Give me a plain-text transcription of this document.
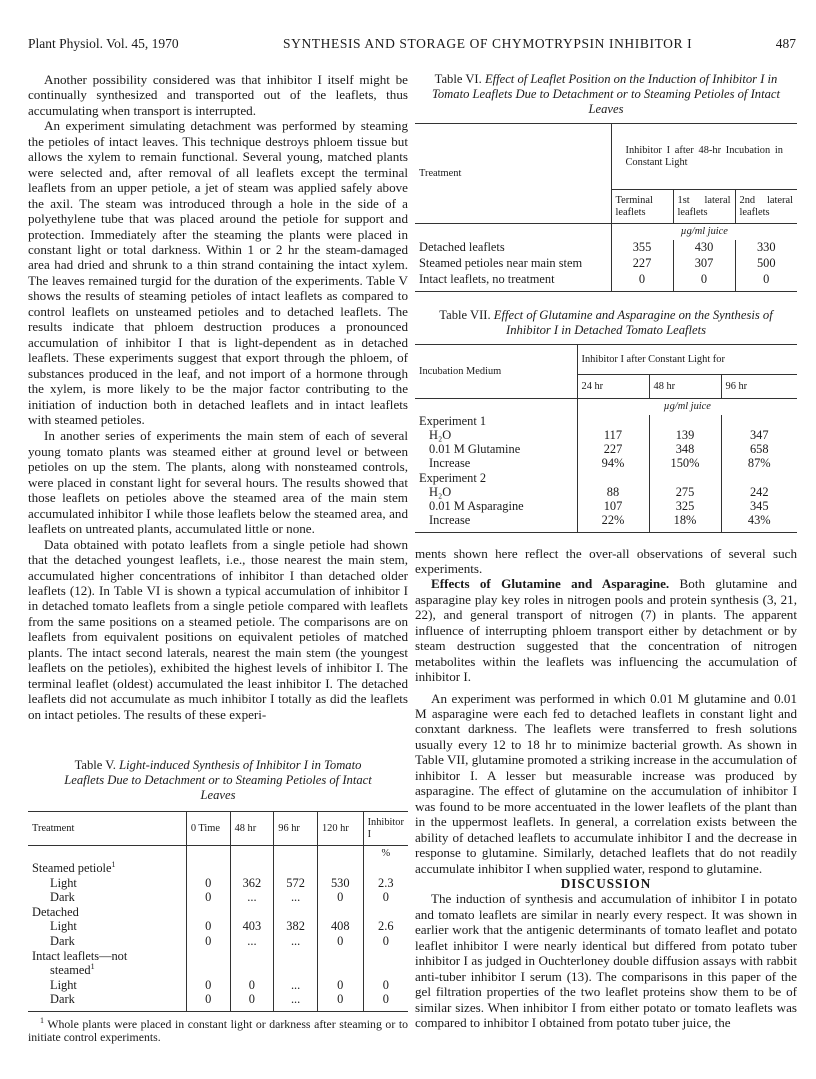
Plant Physiol. Vol. 45, 1970	SYNTHESIS AND STORAGE OF CHYMOTRYPSIN INHIBITOR I	487

Another possibility considered was that inhibitor I itself might be continually synthesized and transported out of the leaflets, thus accumulating when transport is interrupted.

An experiment simulating detachment was performed by steaming the petioles of intact leaves. This technique destroys phloem tissue but allows the xylem to remain functional. Several young, matched plants were selected and, after removal of all leaflets except the terminal leaflets from an upper petiole, a jet of steam was applied safely above the axil. The steam was introduced through a hole in the side of a polyethylene tube that was placed around the petiole for support and protection. Immediately after the steaming the plants were placed in constant light or total darkness. Within 1 or 2 hr the steam-damaged area had dried and shrunk to a thin strand containing the intact xylem. The leaves remained turgid for the duration of the experiments. Table V shows the results of steaming petioles of intact leaflets as compared to control leaflets on unsteamed petioles and to detached leaflets. The results indicate that phloem destruction produces a pronounced accumulation of inhibitor I that is light-dependent as in detached leaflets. These experiments suggest that export through the phloem, of substances produced in the leaf, and not import of a hormone through the xylem, is more likely to be the major factor contributing to the initiation of induction both in detached leaflets and in intact leaflets with steamed petioles.

In another series of experiments the main stem of each of several young tomato plants was steamed either at ground level or between petioles on up the stem. The plants, along with nonsteamed controls, were placed in constant light for several hours. The results showed that those leaflets on petioles above the steamed area of the main stem accumulated inhibitor I while those leaflets below the steamed area, and leaflets on untreated plants, accumulated little or none.

Data obtained with potato leaflets from a single petiole had shown that the detached youngest leaflets, i.e., those nearest the main stem, accumulated higher concentrations of inhibitor I than detached older leaflets (12). In Table VI is shown a typical accumulation of inhibitor I in detached tomato leaflets from a single petiole compared with leaflets from the same positions on a steamed petiole. The comparisons are on leaflets from equivalent positions on equivalent petioles of matched plants. The intact second laterals, nearest the main stem (the youngest leaflets on the petioles), exhibited the highest levels of inhibitor I. The terminal leaflet (oldest) accumulated the least inhibitor I. The detached leaflets did not accumulate as much inhibitor I totally as did the leaflets on intact petioles. The results of these experi-

Table V. Light-induced Synthesis of Inhibitor I in Tomato Leaflets Due to Detachment or to Steaming Petioles of Intact Leaves

Treatment	0 Time	48 hr	96 hr	120 hr	Inhibitor I
					%
Steamed petiole$^1$					
Light	0	362	572	530	2.3
Dark	0	...	...	0	0
Detached					
Light	0	403	382	408	2.6
Dark	0	...	...	0	0
Intact leaflets—not					
steamed$^1$					
Light	0	0	...	0	0
Dark	0	0	...	0	0

$^1$ Whole plants were placed in constant light or darkness after steaming or to initiate control experiments.

Table VI. Effect of Leaflet Position on the Induction of Inhibitor I in Tomato Leaflets Due to Detachment or to Steaming Petioles of Intact Leaves

Treatment	Inhibitor I after 48-hr Incubation in Constant Light		
	Terminal leaflets	1st lateral leaflets	2nd lateral leaflets
	µg/ml juice		
Detached leaflets	355	430	330
Steamed petioles near main stem	227	307	500
Intact leaflets, no treatment	0	0	0

Table VII. Effect of Glutamine and Asparagine on the Synthesis of Inhibitor I in Detached Tomato Leaflets

Incubation Medium	Inhibitor I after Constant Light for		
	24 hr	48 hr	96 hr
	µg/ml juice		
Experiment 1			
H₂O	117	139	347
0.01 M Glutamine	227	348	658
Increase	94%	150%	87%
Experiment 2			
H₂O	88	275	242
0.01 M Asparagine	107	325	345
Increase	22%	18%	43%

ments shown here reflect the over-all observations of several such experiments.

Effects of Glutamine and Asparagine. Both glutamine and asparagine play key roles in nitrogen pools and protein synthesis (3, 21, 22), and general transport of nitrogen (7) in plants. The apparent influence of interrupting phloem transport either by detachment or by steam destruction suggested that the concentration of nitrogen metabolites within the leaflets was influencing the accumulation of inhibitor I.

An experiment was performed in which 0.01 M glutamine and 0.01 M asparagine were each fed to detached leaflets in constant light and conxtant darkness. The leaflets were transferred to fresh solutions usually every 12 to 18 hr to minimize bacterial growth. As shown in Table VII, glutamine promoted a striking increase in the accumulation of inhibitor I. A lesser but measurable increase was produced by asparagine. The effect of glutamine on the accumulation of inhibitor I was found to be more accentuated in the lower leaflets of the plant than in the uppermost leaflets. In general, a correlation exists between the ability of detached leaflets to accumulate inhibitor I and the decrease in response to glutamine. Similarly, detached leaflets that do not readily accumulate inhibitor I when supplied water, respond to glutamine.

DISCUSSION

The induction of synthesis and accumulation of inhibitor I in potato and tomato leaflets are similar in nearly every respect. It was shown in earlier work that the antigenic determinants of tomato leaflet and potato leaflet inhibitor I were nearly identical but differed from potato tuber inhibitor I as judged in Ouchterloney double diffusion assays with rabbit anti-tuber inhibitor I serum (13). The comparisons in this paper of the gel filtration properties of the two leaflet proteins show them to be of similar sizes. When inhibitor I from either potato or tomato leaflets was compared to inhibitor I obtained from potato tuber juice, the
